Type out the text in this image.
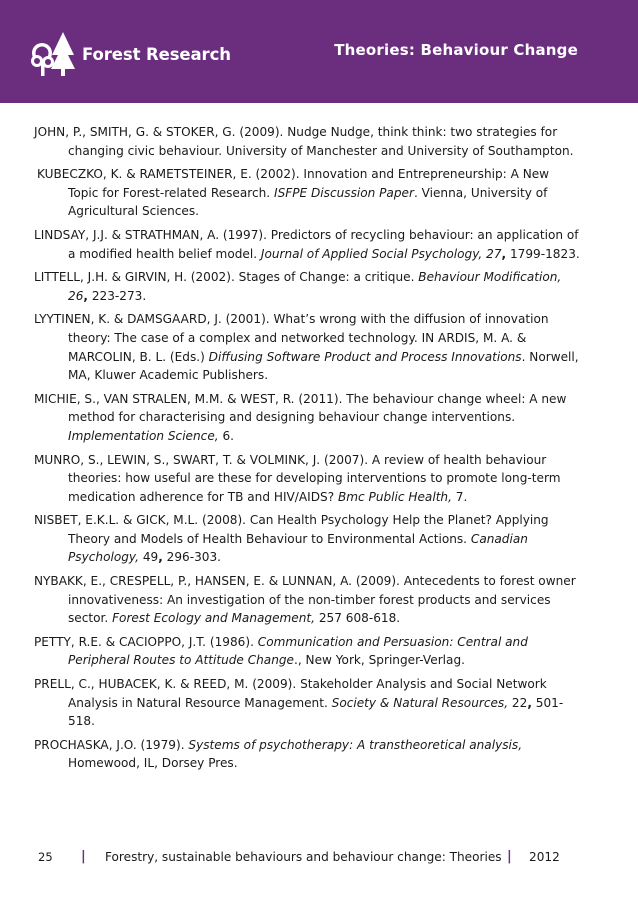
Forest Research	Theories: Behaviour Change

JOHN, P., SMITH, G. & STOKER, G. (2009). Nudge Nudge, think think: two strategies for changing civic behaviour. University of Manchester and University of Southampton.

KUBECZKO, K. & RAMETSTEINER, E. (2002). Innovation and Entrepreneurship: A New Topic for Forest-related Research. ISFPE Discussion Paper. Vienna, University of Agricultural Sciences.

LINDSAY, J.J. & STRATHMAN, A. (1997). Predictors of recycling behaviour: an application of a modified health belief model. Journal of Applied Social Psychology, 27, 1799-1823.

LITTELL, J.H. & GIRVIN, H. (2002). Stages of Change: a critique. Behaviour Modification, 26, 223-273.

LYYTINEN, K. & DAMSGAARD, J. (2001). What’s wrong with the diffusion of innovation theory: The case of a complex and networked technology. IN ARDIS, M. A. & MARCOLIN, B. L. (Eds.) Diffusing Software Product and Process Innovations. Norwell, MA, Kluwer Academic Publishers.

MICHIE, S., VAN STRALEN, M.M. & WEST, R. (2011). The behaviour change wheel: A new method for characterising and designing behaviour change interventions. Implementation Science, 6.

MUNRO, S., LEWIN, S., SWART, T. & VOLMINK, J. (2007). A review of health behaviour theories: how useful are these for developing interventions to promote long-term medication adherence for TB and HIV/AIDS? Bmc Public Health, 7.

NISBET, E.K.L. & GICK, M.L. (2008). Can Health Psychology Help the Planet? Applying Theory and Models of Health Behaviour to Environmental Actions. Canadian Psychology, 49, 296-303.

NYBAKK, E., CRESPELL, P., HANSEN, E. & LUNNAN, A. (2009). Antecedents to forest owner innovativeness: An investigation of the non-timber forest products and services sector. Forest Ecology and Management, 257 608-618.

PETTY, R.E. & CACIOPPO, J.T. (1986). Communication and Persuasion: Central and Peripheral Routes to Attitude Change., New York, Springer-Verlag.

PRELL, C., HUBACEK, K. & REED, M. (2009). Stakeholder Analysis and Social Network Analysis in Natural Resource Management. Society & Natural Resources, 22, 501-518.

PROCHASKA, J.O. (1979). Systems of psychotherapy: A transtheoretical analysis, Homewood, IL, Dorsey Pres.

25 | Forestry, sustainable behaviours and behaviour change: Theories | 2012
